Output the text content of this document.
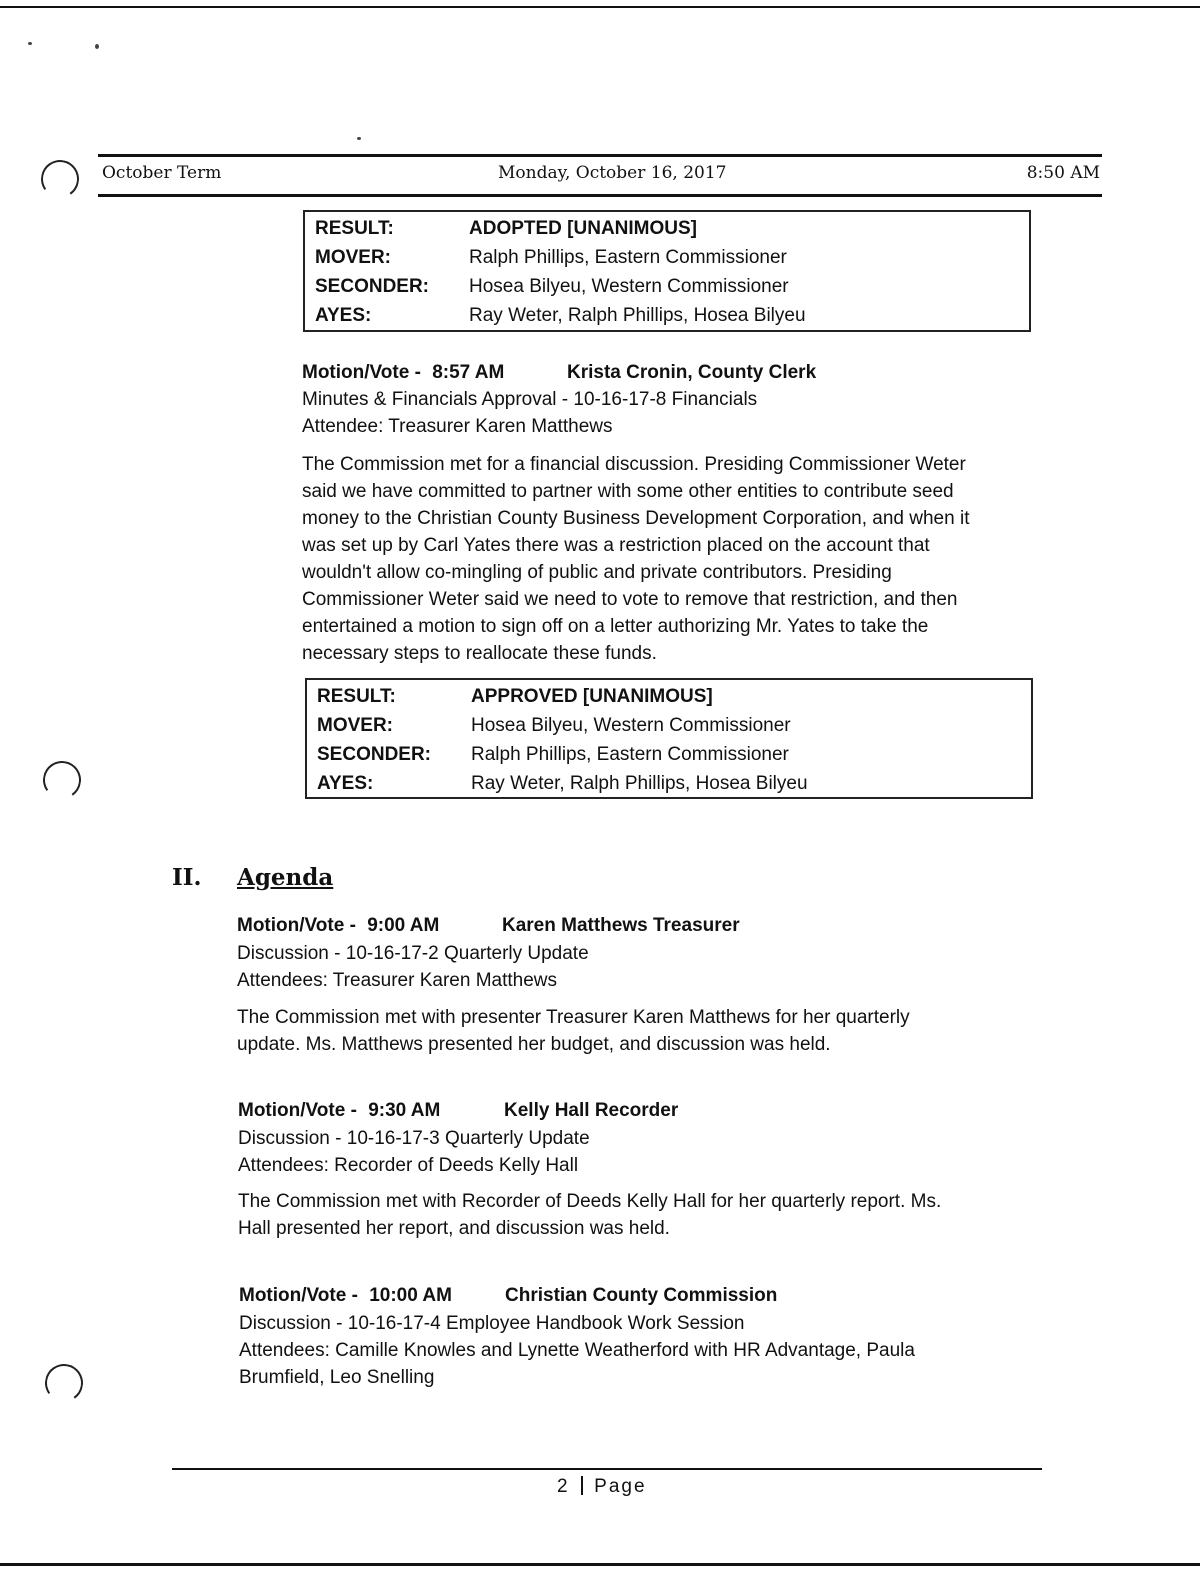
October Term	Monday, October 16, 2017	8:50 AM
RESULT:	ADOPTED [UNANIMOUS]
MOVER:	Ralph Phillips, Eastern Commissioner
SECONDER: Hosea Bilyeu, Western Commissioner
AYES:	Ray Weter, Ralph Phillips, Hosea Bilyeu
Motion/Vote - 8:57 AM	Krista Cronin, County Clerk
Minutes & Financials Approval - 10-16-17-8 Financials
Attendee: Treasurer Karen Matthews
The Commission met for a financial discussion. Presiding Commissioner Weter
said we have committed to partner with some other entities to contribute seed
money to the Christian County Business Development Corporation, and when it
was set up by Carl Yates there was a restriction placed on the account that
wouldn't allow co-mingling of public and private contributors. Presiding
Commissioner Weter said we need to vote to remove that restriction, and then
entertained a motion to sign off on a letter authorizing Mr. Yates to take the
necessary steps to reallocate these funds.
RESULT:	APPROVED [UNANIMOUS]
MOVER:	Hosea Bilyeu, Western Commissioner
SECONDER: Ralph Phillips, Eastern Commissioner
AYES:	Ray Weter, Ralph Phillips, Hosea Bilyeu
II. Agenda
Motion/Vote - 9:00 AM	Karen Matthews Treasurer
Discussion - 10-16-17-2 Quarterly Update
Attendees: Treasurer Karen Matthews
The Commission met with presenter Treasurer Karen Matthews for her quarterly
update. Ms. Matthews presented her budget, and discussion was held.
Motion/Vote - 9:30 AM	Kelly Hall Recorder
Discussion - 10-16-17-3 Quarterly Update
Attendees: Recorder of Deeds Kelly Hall
The Commission met with Recorder of Deeds Kelly Hall for her quarterly report. Ms.
Hall presented her report, and discussion was held.
Motion/Vote - 10:00 AM	Christian County Commission
Discussion - 10-16-17-4 Employee Handbook Work Session
Attendees: Camille Knowles and Lynette Weatherford with HR Advantage, Paula
Brumfield, Leo Snelling
2 Page
